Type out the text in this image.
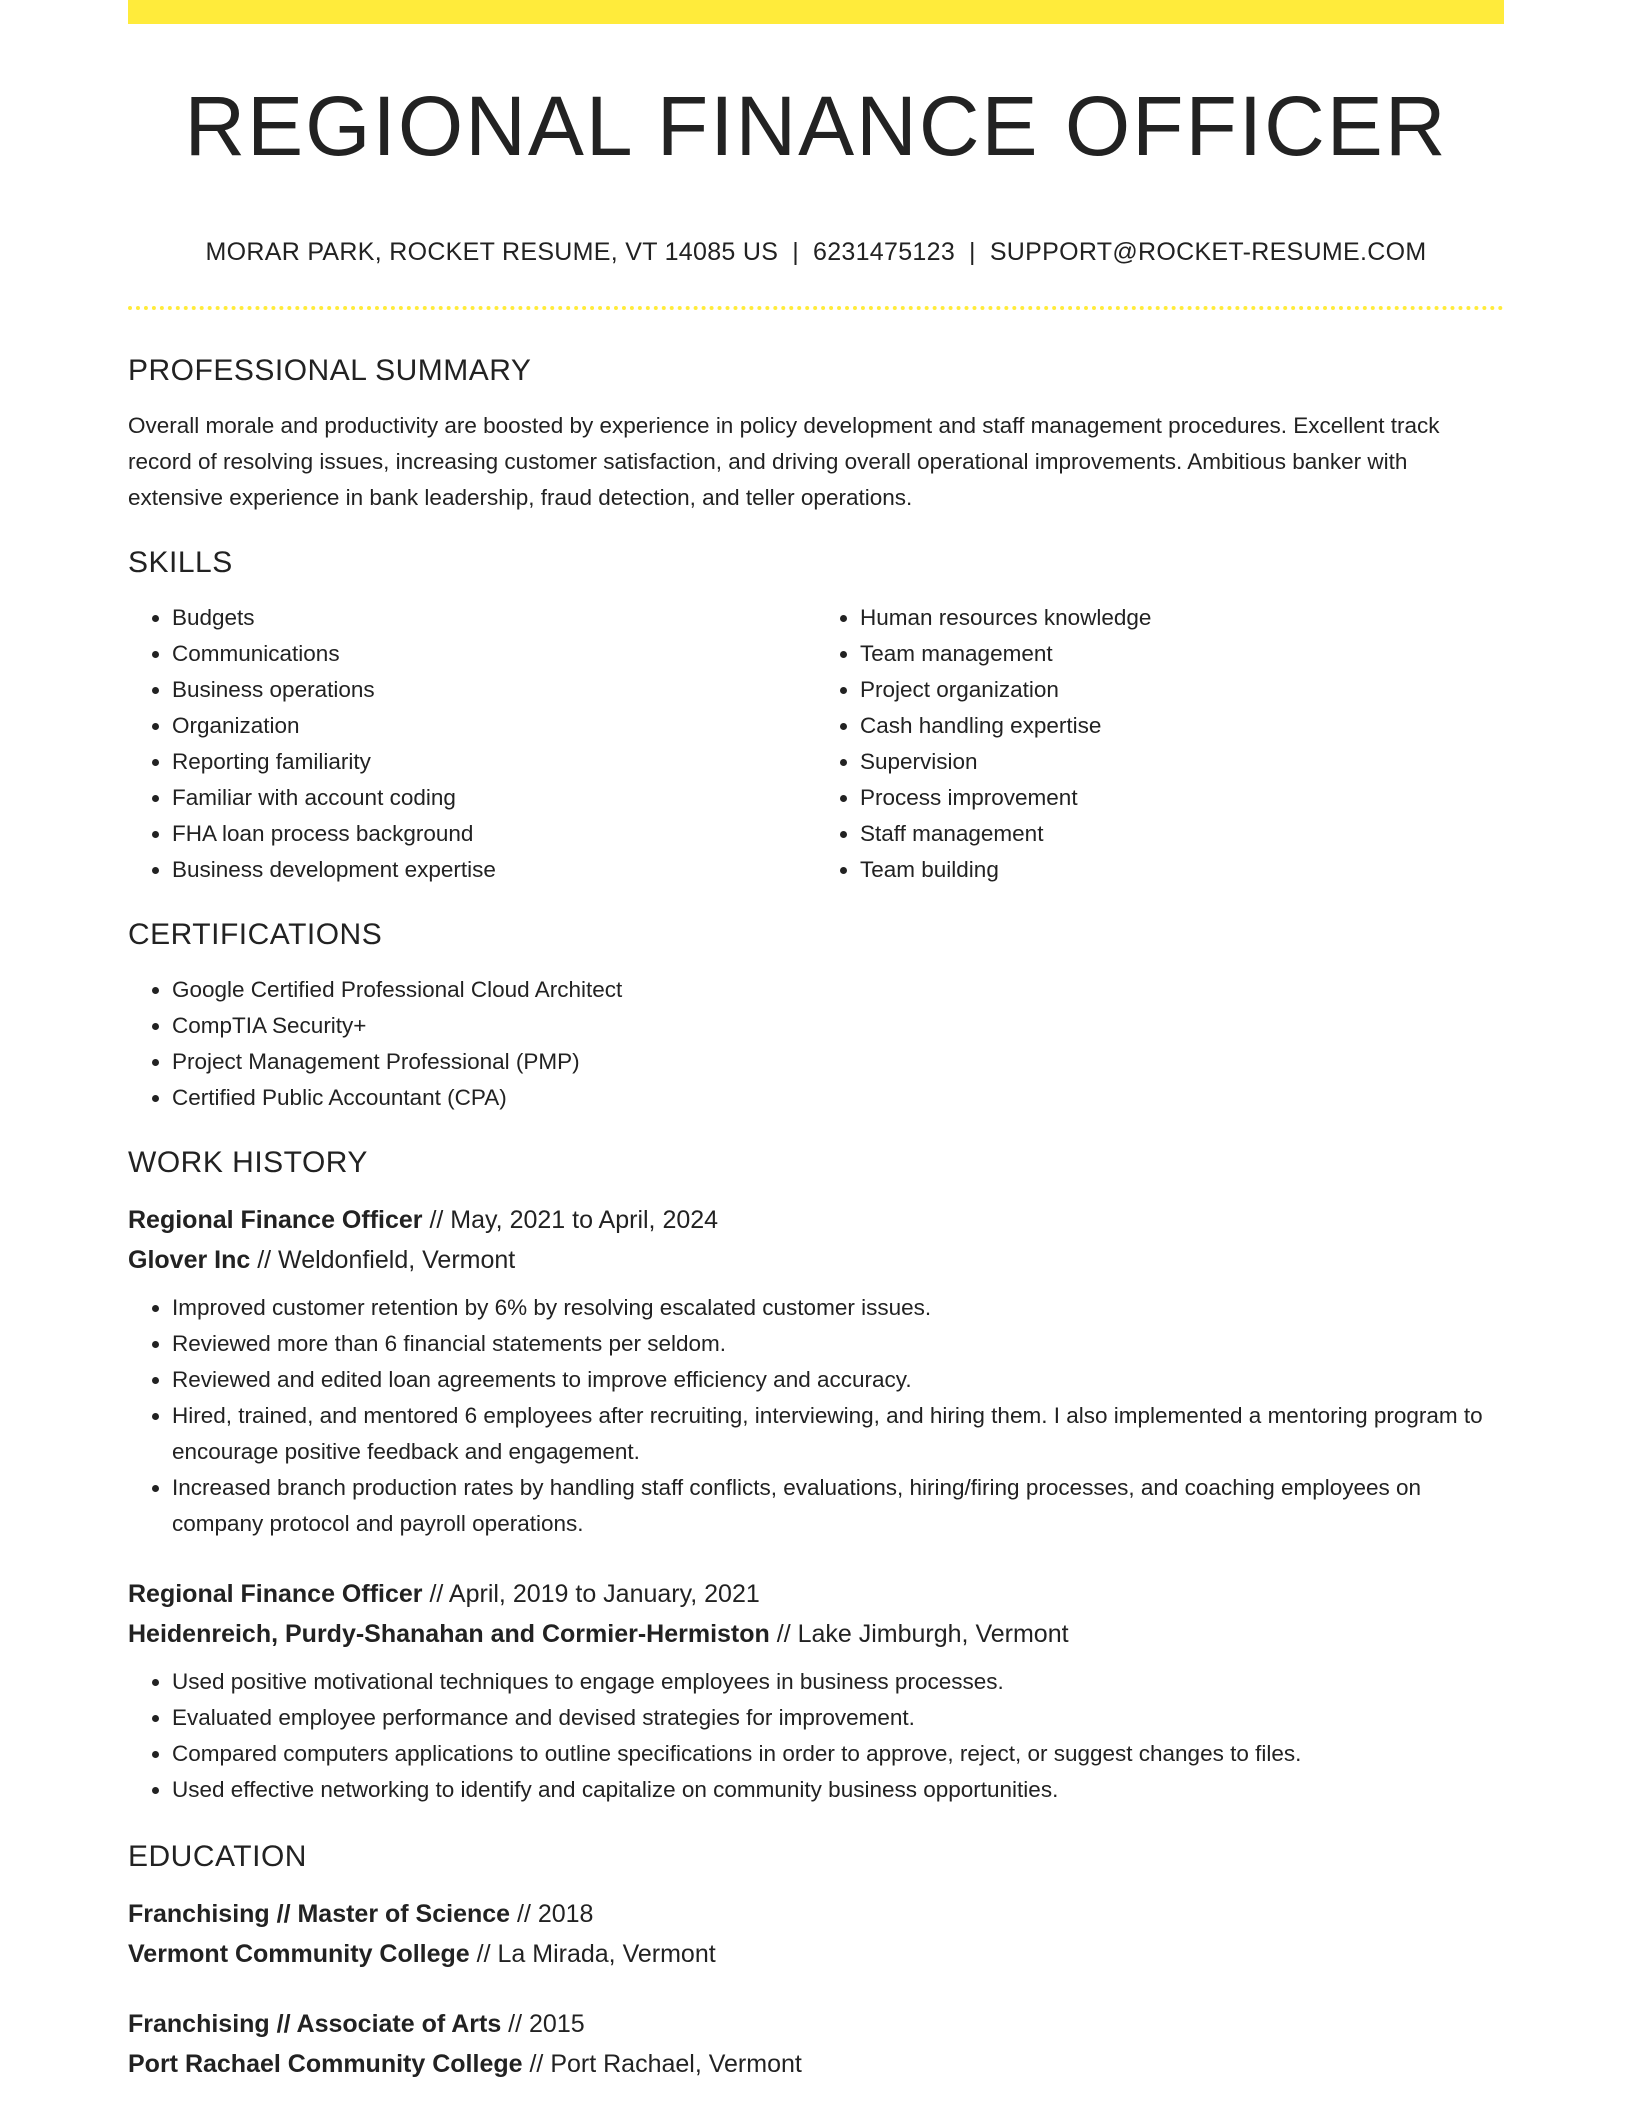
REGIONAL FINANCE OFFICER
MORAR PARK, ROCKET RESUME, VT 14085 US | 6231475123 | SUPPORT@ROCKET-RESUME.COM
PROFESSIONAL SUMMARY

Overall morale and productivity are boosted by experience in policy development and staff management procedures. Excellent track record of resolving issues, increasing customer satisfaction, and driving overall operational improvements. Ambitious banker with extensive experience in bank leadership, fraud detection, and teller operations.

SKILLS
• Budgets
• Communications
• Business operations
• Organization
• Reporting familiarity
• Familiar with account coding
• FHA loan process background
• Business development expertise
• Human resources knowledge
• Team management
• Project organization
• Cash handling expertise
• Supervision
• Process improvement
• Staff management
• Team building
CERTIFICATIONS
• Google Certified Professional Cloud Architect
• CompTIA Security+
• Project Management Professional (PMP)
• Certified Public Accountant (CPA)
WORK HISTORY
Regional Finance Officer // May, 2021 to April, 2024
Glover Inc // Weldonfield, Vermont
• Improved customer retention by 6% by resolving escalated customer issues.
• Reviewed more than 6 financial statements per seldom.
• Reviewed and edited loan agreements to improve efficiency and accuracy.
• Hired, trained, and mentored 6 employees after recruiting, interviewing, and hiring them. I also implemented a mentoring program to encourage positive feedback and engagement.
• Increased branch production rates by handling staff conflicts, evaluations, hiring/firing processes, and coaching employees on company protocol and payroll operations.
Regional Finance Officer // April, 2019 to January, 2021
Heidenreich, Purdy-Shanahan and Cormier-Hermiston // Lake Jimburgh, Vermont
• Used positive motivational techniques to engage employees in business processes.
• Evaluated employee performance and devised strategies for improvement.
• Compared computers applications to outline specifications in order to approve, reject, or suggest changes to files.
• Used effective networking to identify and capitalize on community business opportunities.
EDUCATION
Franchising // Master of Science // 2018
Vermont Community College // La Mirada, Vermont
Franchising // Associate of Arts // 2015
Port Rachael Community College // Port Rachael, Vermont
